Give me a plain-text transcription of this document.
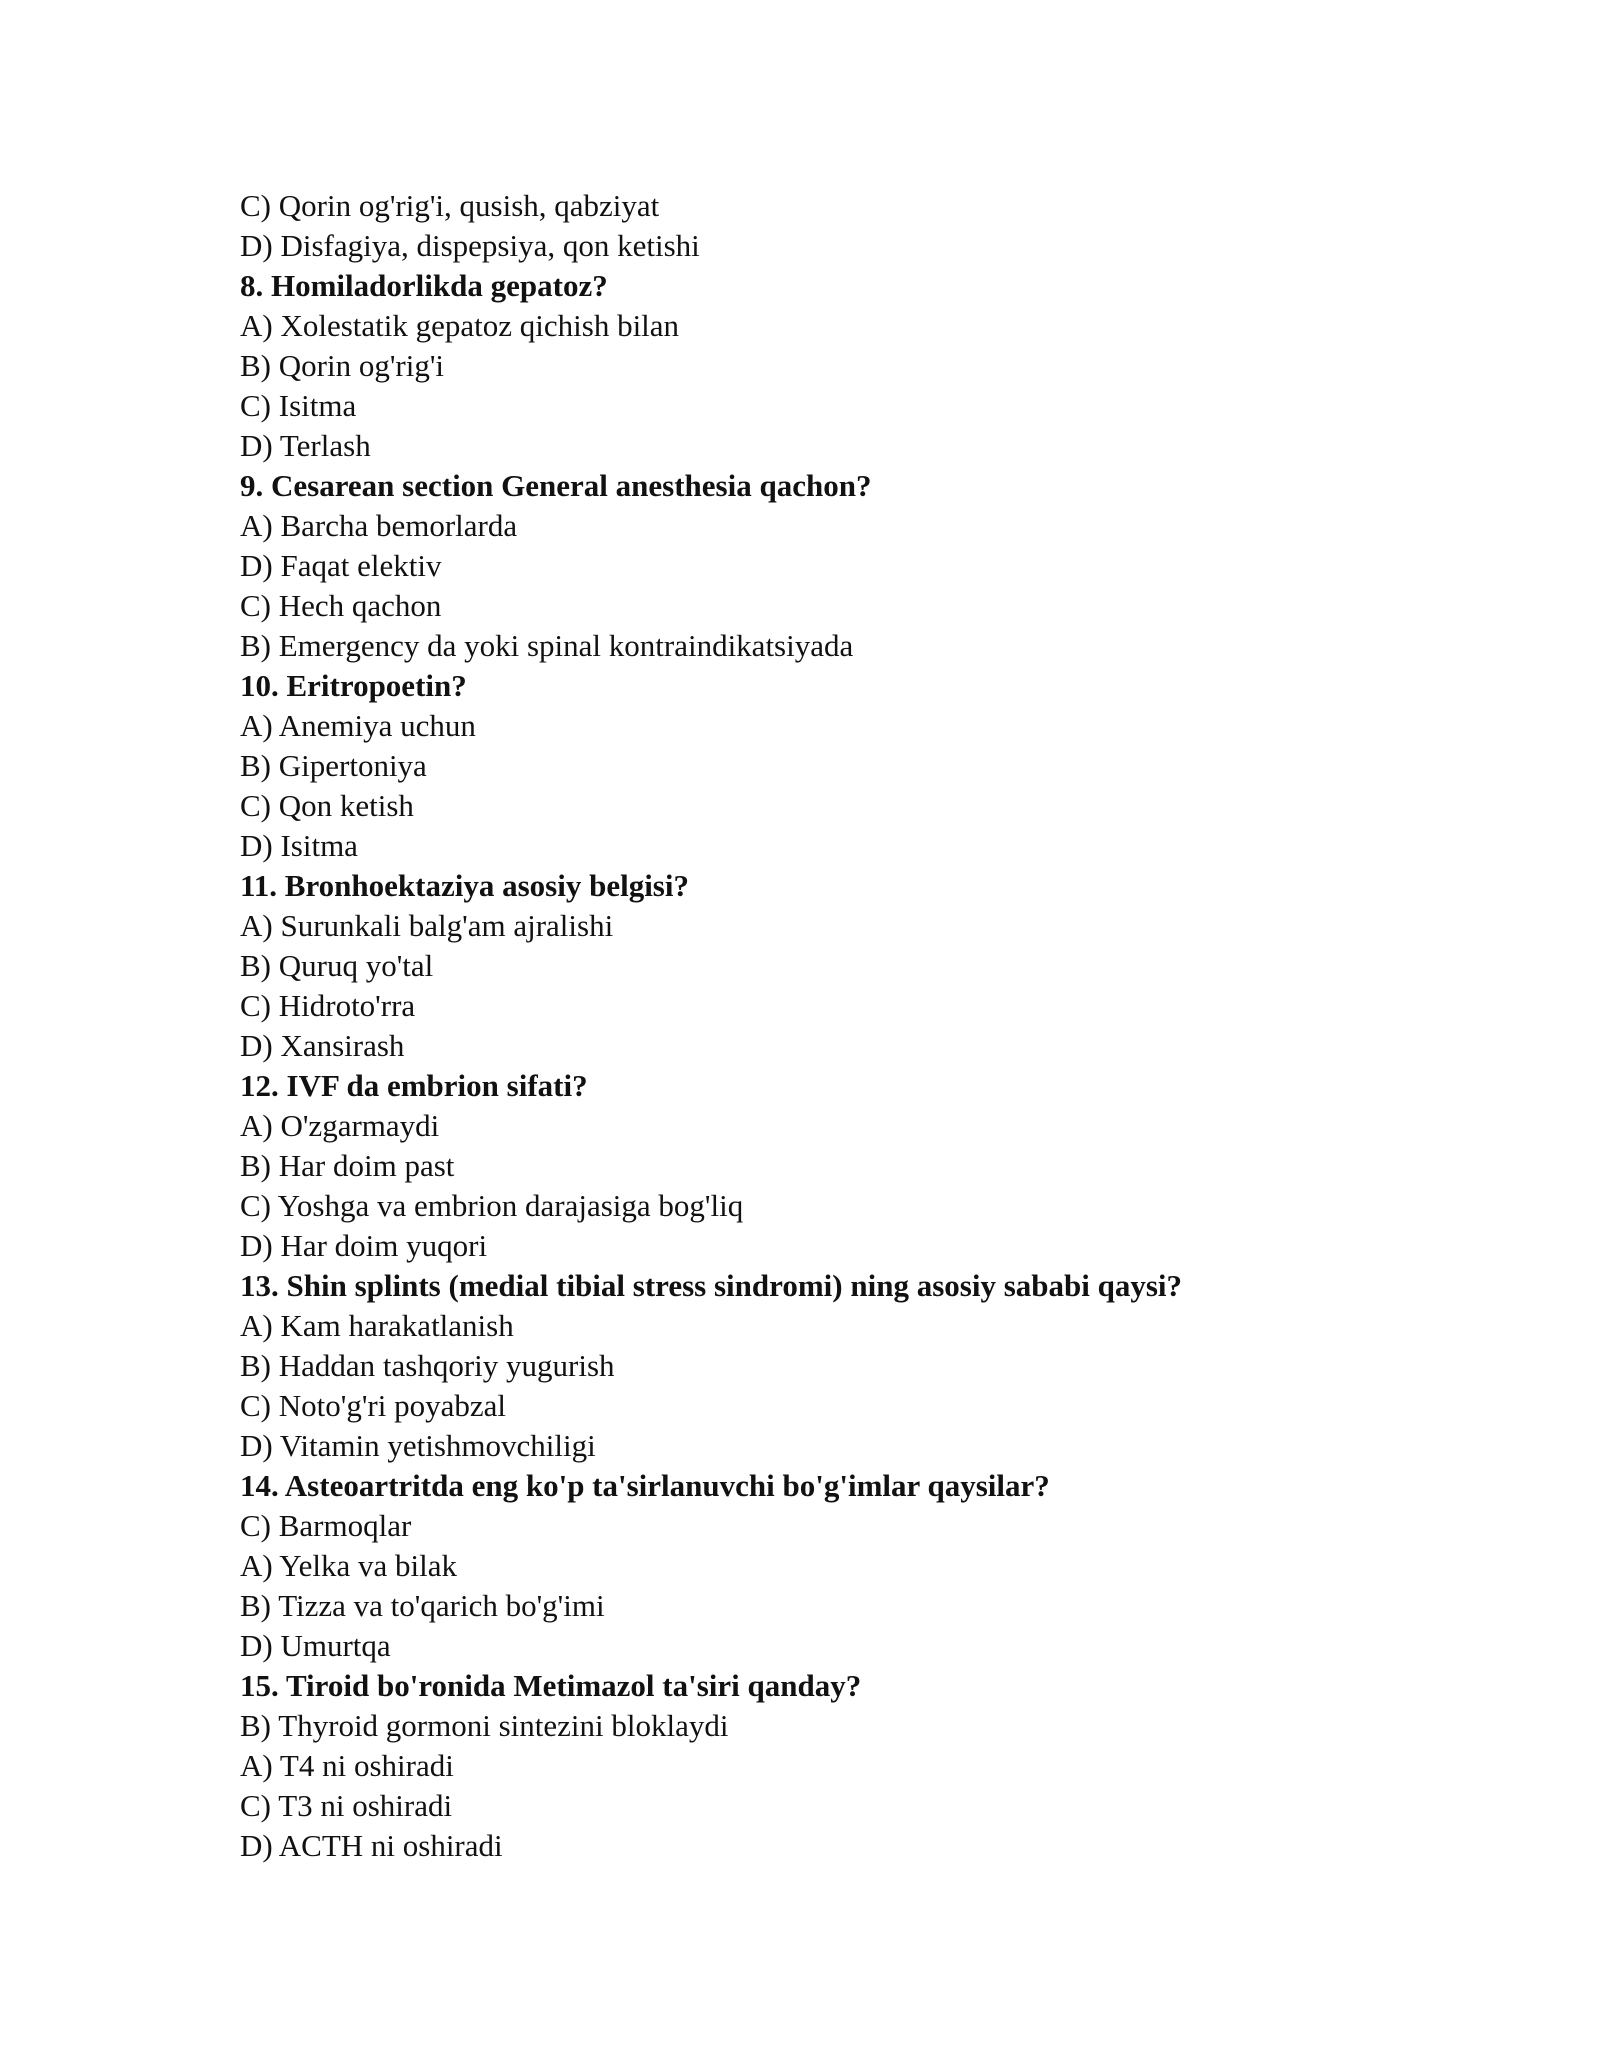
C) Qorin og'rig'i, qusish, qabziyat
D) Disfagiya, dispepsiya, qon ketishi
8. Homiladorlikda gepatoz?
A) Xolestatik gepatoz qichish bilan
B) Qorin og'rig'i
C) Isitma
D) Terlash
9. Cesarean section General anesthesia qachon?
A) Barcha bemorlarda
D) Faqat elektiv
C) Hech qachon
B) Emergency da yoki spinal kontraindikatsiyada
10. Eritropoetin?
A) Anemiya uchun
B) Gipertoniya
C) Qon ketish
D) Isitma
11. Bronhoektaziya asosiy belgisi?
A) Surunkali balg'am ajralishi
B) Quruq yo'tal
C) Hidroto'rra
D) Xansirash
12. IVF da embrion sifati?
A) O'zgarmaydi
B) Har doim past
C) Yoshga va embrion darajasiga bog'liq
D) Har doim yuqori
13. Shin splints (medial tibial stress sindromi) ning asosiy sababi qaysi?
A) Kam harakatlanish
B) Haddan tashqoriy yugurish
C) Noto'g'ri poyabzal
D) Vitamin yetishmovchiligi
14. Asteoartritda eng ko'p ta'sirlanuvchi bo'g'imlar qaysilar?
C) Barmoqlar
A) Yelka va bilak
B) Tizza va to'qarich bo'g'imi
D) Umurtqa
15. Tiroid bo'ronida Metimazol ta'siri qanday?
B) Thyroid gormoni sintezini bloklaydi
A) T4 ni oshiradi
C) T3 ni oshiradi
D) ACTH ni oshiradi
